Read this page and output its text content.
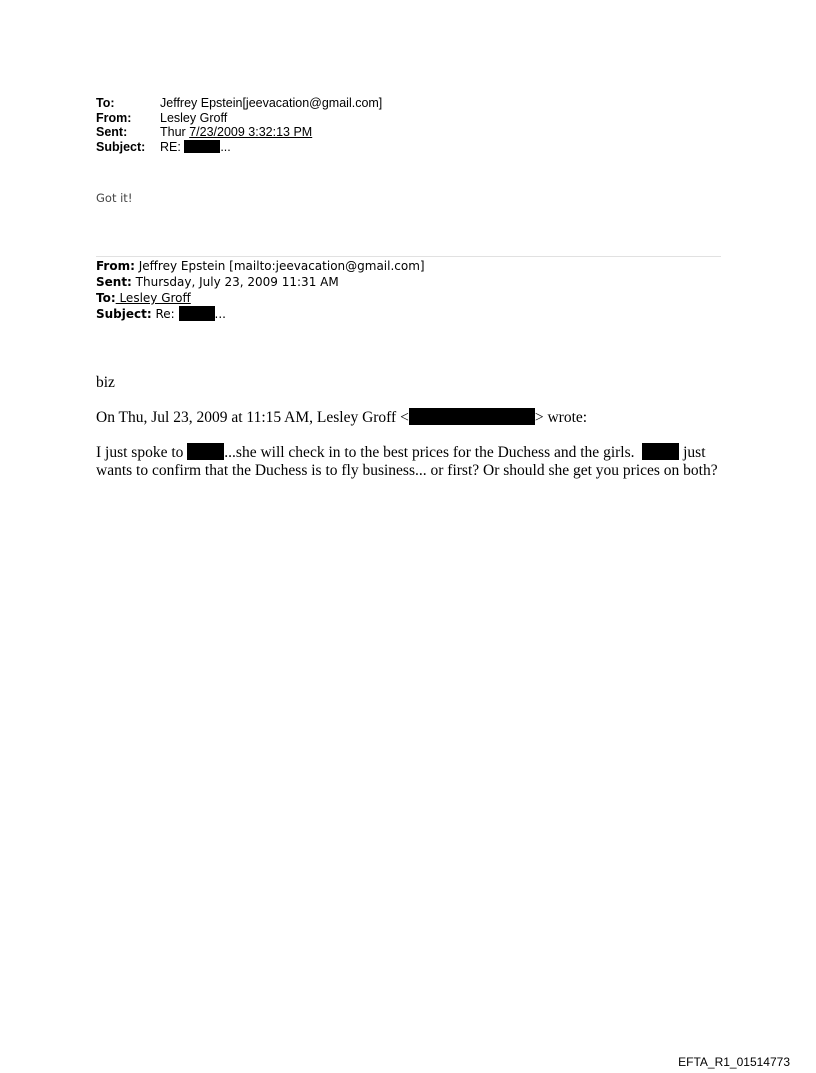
To:	Jeffrey Epstein[jeevacation@gmail.com]
From:	Lesley Groff
Sent:	Thur 7/23/2009 3:32:13 PM
Subject:	RE:	...
Got it!
From: Jeffrey Epstein [mailto:jeevacation@gmail.com]
Sent: Thursday, July 23, 2009 11:31 AM
To: Lesley Groff
Subject: Re:	...
biz
On Thu, Jul 23, 2009 at 11:15 AM, Lesley Groff <	> wrote:
I just spoke to ...she will check in to the best prices for the Duchess and the girls.   just wants to confirm that the Duchess is to fly business... or first? Or should she get you prices on both?
EFTA_R1_01514773
